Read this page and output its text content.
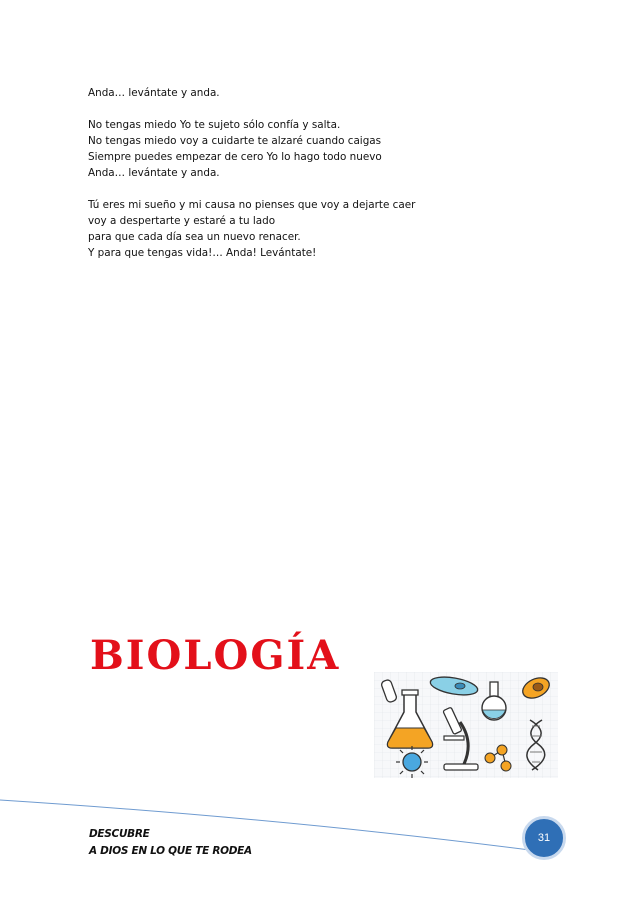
Anda… levántate y anda.

No tengas miedo Yo te sujeto sólo confía y salta.

No tengas miedo voy a cuidarte te alzaré cuando caigas

Siempre puedes empezar de cero Yo lo hago todo nuevo

Anda… levántate y anda.

Tú eres mi sueño y mi causa no pienses que voy a dejarte caer

voy a despertarte y estaré a tu lado

para que cada día sea un nuevo renacer.

Y para que tengas vida!… Anda! Levántate!

BIOLOGÍA

DESCUBRE

A DIOS EN LO QUE TE RODEA

31
